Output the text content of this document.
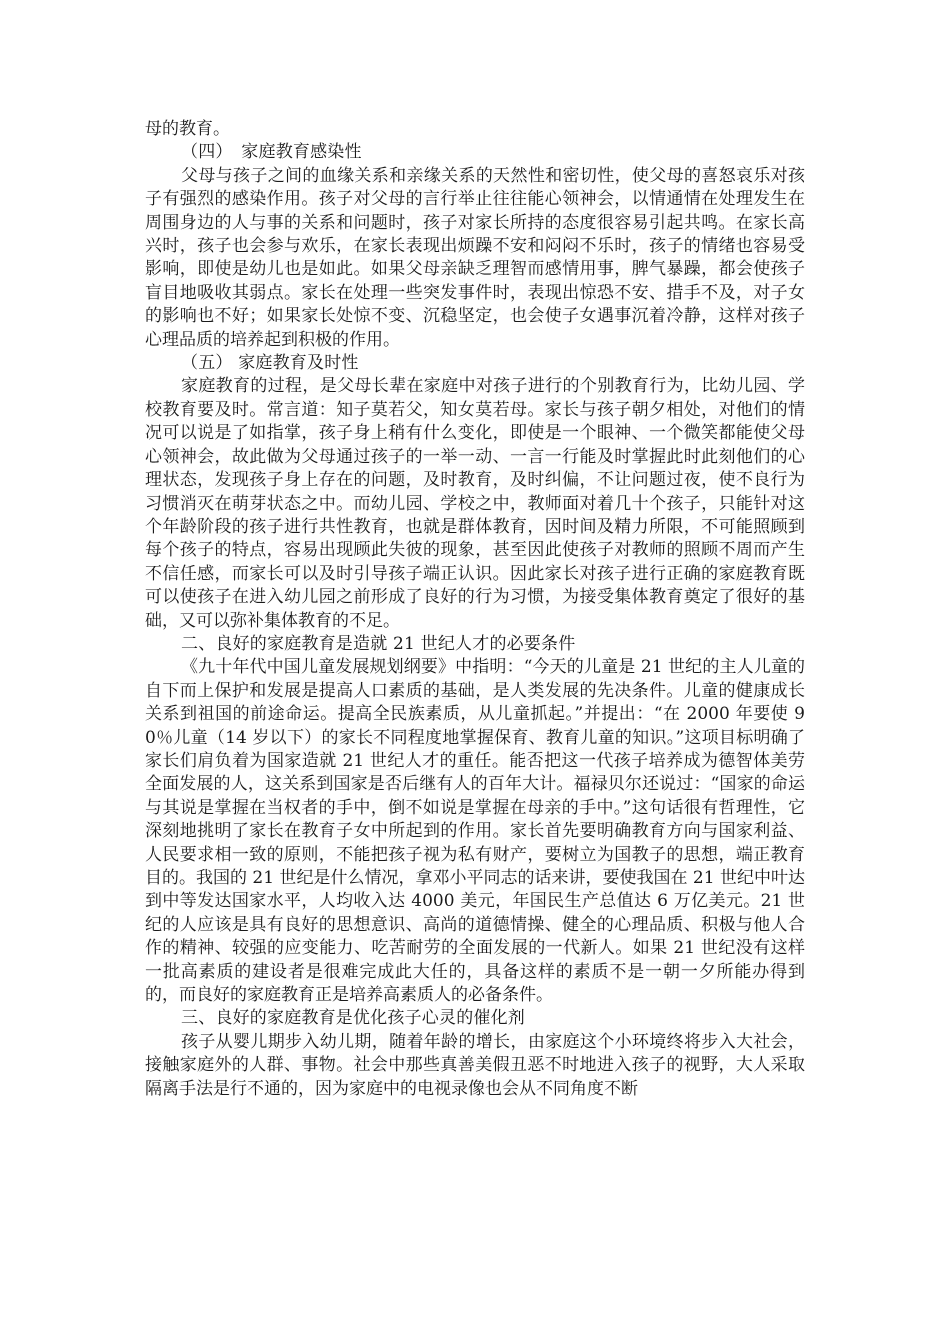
母的教育。

（四）　家庭教育感染性

父母与孩子之间的血缘关系和亲缘关系的天然性和密切性，使父母的喜怒哀乐对孩子有强烈的感染作用。孩子对父母的言行举止往往能心领神会，以情通情在处理发生在周围身边的人与事的关系和问题时，孩子对家长所持的态度很容易引起共鸣。在家长高兴时，孩子也会参与欢乐，在家长表现出烦躁不安和闷闷不乐时，孩子的情绪也容易受影响，即使是幼儿也是如此。如果父母亲缺乏理智而感情用事，脾气暴躁，都会使孩子盲目地吸收其弱点。家长在处理一些突发事件时，表现出惊恐不安、措手不及，对子女的影响也不好；如果家长处惊不变、沉稳坚定，也会使子女遇事沉着冷静，这样对孩子心理品质的培养起到积极的作用。

（五） 家庭教育及时性

家庭教育的过程，是父母长辈在家庭中对孩子进行的个别教育行为，比幼儿园、学校教育要及时。常言道：知子莫若父，知女莫若母。家长与孩子朝夕相处，对他们的情况可以说是了如指掌，孩子身上稍有什么变化，即使是一个眼神、一个微笑都能使父母心领神会，故此做为父母通过孩子的一举一动、一言一行能及时掌握此时此刻他们的心理状态，发现孩子身上存在的问题，及时教育，及时纠偏，不让问题过夜，使不良行为习惯消灭在萌芽状态之中。而幼儿园、学校之中，教师面对着几十个孩子，只能针对这个年龄阶段的孩子进行共性教育，也就是群体教育，因时间及精力所限，不可能照顾到每个孩子的特点，容易出现顾此失彼的现象，甚至因此使孩子对教师的照顾不周而产生不信任感，而家长可以及时引导孩子端正认识。因此家长对孩子进行正确的家庭教育既可以使孩子在进入幼儿园之前形成了良好的行为习惯，为接受集体教育奠定了很好的基础，又可以弥补集体教育的不足。

二、良好的家庭教育是造就 21 世纪人才的必要条件

《九十年代中国儿童发展规划纲要》中指明：“今天的儿童是 21 世纪的主人儿童的自下而上保护和发展是提高人口素质的基础，是人类发展的先决条件。儿童的健康成长关系到祖国的前途命运。提高全民族素质，从儿童抓起。”并提出：“在 2000 年要使 90％儿童（14 岁以下）的家长不同程度地掌握保育、教育儿童的知识。”这项目标明确了家长们肩负着为国家造就 21 世纪人才的重任。能否把这一代孩子培养成为德智体美劳全面发展的人，这关系到国家是否后继有人的百年大计。福禄贝尔还说过：“国家的命运与其说是掌握在当权者的手中，倒不如说是掌握在母亲的手中。”这句话很有哲理性，它深刻地挑明了家长在教育子女中所起到的作用。家长首先要明确教育方向与国家利益、人民要求相一致的原则，不能把孩子视为私有财产，要树立为国教子的思想，端正教育目的。我国的 21 世纪是什么情况，拿邓小平同志的话来讲，要使我国在 21 世纪中叶达到中等发达国家水平，人均收入达 4000 美元，年国民生产总值达 6 万亿美元。21 世纪的人应该是具有良好的思想意识、高尚的道德情操、健全的心理品质、积极与他人合作的精神、较强的应变能力、吃苦耐劳的全面发展的一代新人。如果 21 世纪没有这样一批高素质的建设者是很难完成此大任的，具备这样的素质不是一朝一夕所能办得到的，而良好的家庭教育正是培养高素质人的必备条件。

三、良好的家庭教育是优化孩子心灵的催化剂

孩子从婴儿期步入幼儿期，随着年龄的增长，由家庭这个小环境终将步入大社会，接触家庭外的人群、事物。社会中那些真善美假丑恶不时地进入孩子的视野，大人采取隔离手法是行不通的，因为家庭中的电视录像也会从不同角度不断
